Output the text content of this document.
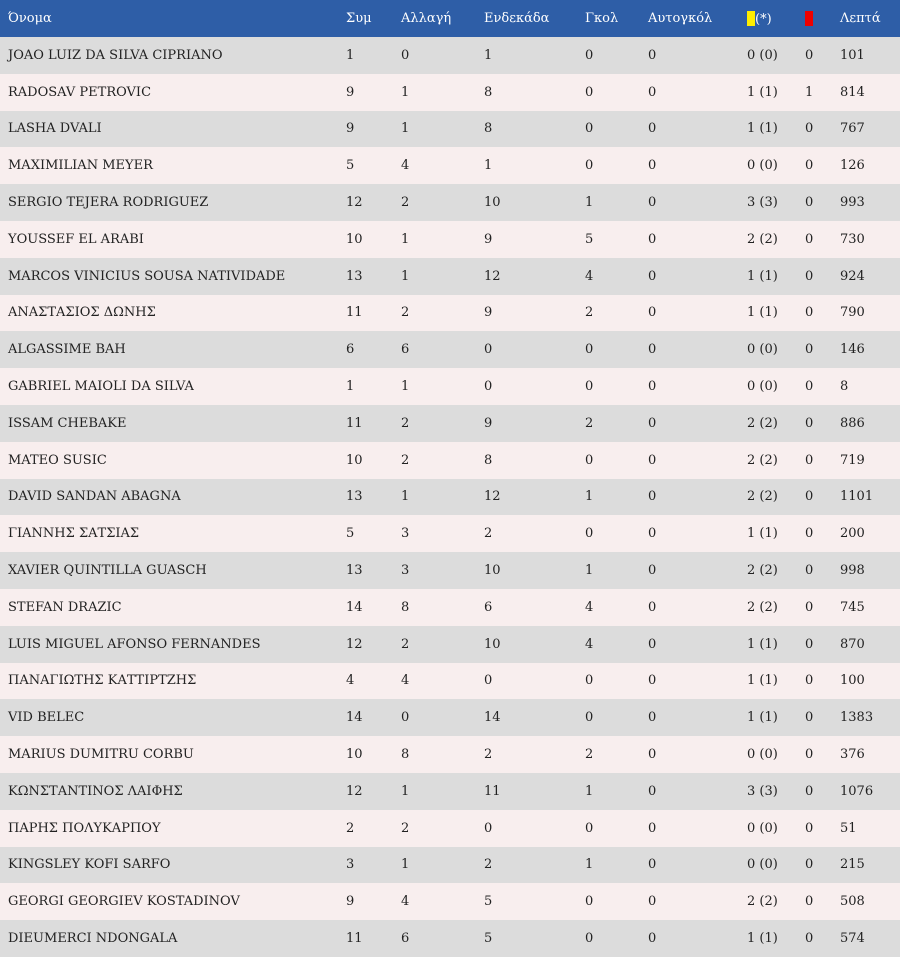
Όνομα	Συμ	Αλλαγή	Ενδεκάδα	Γκολ	Αυτογκόλ	(*)		Λεπτά
JOAO LUIZ DA SILVA CIPRIANO	1	0	1	0	0	0 (0)	0	101
RADOSAV PETROVIC	9	1	8	0	0	1 (1)	1	814
LASHA DVALI	9	1	8	0	0	1 (1)	0	767
MAXIMILIAN MEYER	5	4	1	0	0	0 (0)	0	126
SERGIO TEJERA RODRIGUEZ	12	2	10	1	0	3 (3)	0	993
YOUSSEF EL ARABI	10	1	9	5	0	2 (2)	0	730
MARCOS VINICIUS SOUSA NATIVIDADE	13	1	12	4	0	1 (1)	0	924
ΑΝΑΣΤΑΣΙΟΣ ΔΩΝΗΣ	11	2	9	2	0	1 (1)	0	790
ALGASSIME BAH	6	6	0	0	0	0 (0)	0	146
GABRIEL MAIOLI DA SILVA	1	1	0	0	0	0 (0)	0	8
ISSAM CHEBAKE	11	2	9	2	0	2 (2)	0	886
MATEO SUSIC	10	2	8	0	0	2 (2)	0	719
DAVID SANDAN ABAGNA	13	1	12	1	0	2 (2)	0	1101
ΓΙΑΝΝΗΣ ΣΑΤΣΙΑΣ	5	3	2	0	0	1 (1)	0	200
XAVIER QUINTILLA GUASCH	13	3	10	1	0	2 (2)	0	998
STEFAN DRAZIC	14	8	6	4	0	2 (2)	0	745
LUIS MIGUEL AFONSO FERNANDES	12	2	10	4	0	1 (1)	0	870
ΠΑΝΑΓΙΩΤΗΣ ΚΑΤΤΙΡΤΖΗΣ	4	4	0	0	0	1 (1)	0	100
VID BELEC	14	0	14	0	0	1 (1)	0	1383
MARIUS DUMITRU CORBU	10	8	2	2	0	0 (0)	0	376
ΚΩΝΣΤΑΝΤΙΝΟΣ ΛΑΙΦΗΣ	12	1	11	1	0	3 (3)	0	1076
ΠΑΡΗΣ ΠΟΛΥΚΑΡΠΟΥ	2	2	0	0	0	0 (0)	0	51
KINGSLEY KOFI SARFO	3	1	2	1	0	0 (0)	0	215
GEORGI GEORGIEV KOSTADINOV	9	4	5	0	0	2 (2)	0	508
DIEUMERCI NDONGALA	11	6	5	0	0	1 (1)	0	574
